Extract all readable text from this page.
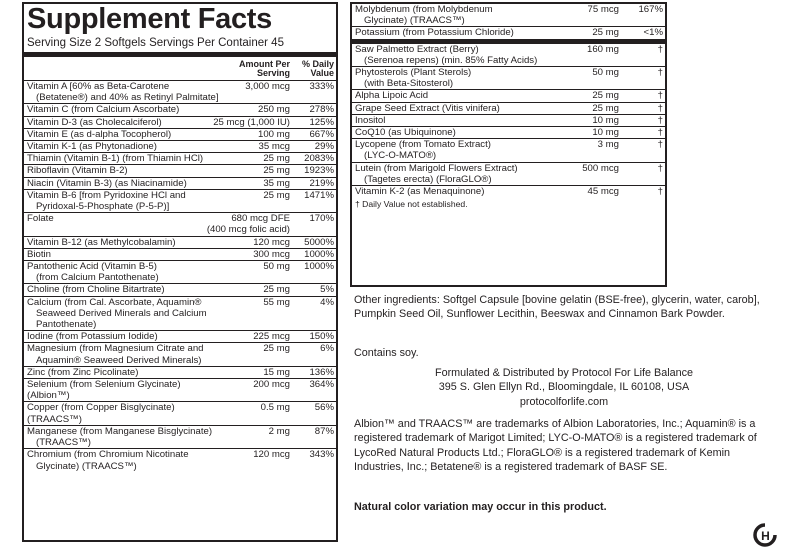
Supplement Facts
Serving Size 2 Softgels Servings Per Container 45
Amount Per Serving
% Daily Value
Vitamin A [60% as Beta-Carotene
(Betatene®) and 40% as Retinyl Palmitate]
3,000 mcg	333%
Vitamin C (from Calcium Ascorbate)	250 mg	278%
Vitamin D-3 (as Cholecalciferol)	25 mcg (1,000 IU)	125%
Vitamin E (as d-alpha Tocopherol)	100 mg	667%
Vitamin K-1 (as Phytonadione)	35 mcg	29%
Thiamin (Vitamin B-1) (from Thiamin HCl)	25 mg	2083%
Riboflavin (Vitamin B-2)	25 mg	1923%
Niacin (Vitamin B-3) (as Niacinamide)	35 mg	219%
Vitamin B-6 [from Pyridoxine HCl and
Pyridoxal-5-Phosphate (P-5-P)]
25 mg	1471%
Folate	680 mcg DFE
(400 mcg folic acid)
170%
Vitamin B-12 (as Methylcobalamin)	120 mcg	5000%
Biotin	300 mcg	1000%
Pantothenic Acid (Vitamin B-5)
(from Calcium Pantothenate)
50 mg	1000%
Choline (from Choline Bitartrate)	25 mg	5%
Calcium (from Cal. Ascorbate, Aquamin®
Seaweed Derived Minerals and Calcium Pantothenate)
55 mg	4%
Iodine (from Potassium Iodide)	225 mcg	150%
Magnesium (from Magnesium Citrate and
Aquamin® Seaweed Derived Minerals)
25 mg	6%
Zinc (from Zinc Picolinate)	15 mg	136%
Selenium (from Selenium Glycinate)(Albion™)
200 mcg	364%
Copper (from Copper Bisglycinate) (TRAACS™)
0.5 mg	56%
Manganese (from Manganese Bisglycinate)
(TRAACS™)
2 mg	87%
Chromium (from Chromium Nicotinate
Glycinate) (TRAACS™)
120 mcg	343%
Molybdenum (from Molybdenum
Glycinate) (TRAACS™)
75 mcg	167%
Potassium (from Potassium Chloride)	25 mg	<1%
Saw Palmetto Extract (Berry)
(Serenoa repens) (min. 85% Fatty Acids)
160 mg	†
Phytosterols (Plant Sterols)
(with Beta-Sitosterol)
50 mg	†
Alpha Lipoic Acid	25 mg	†
Grape Seed Extract (Vitis vinifera)	25 mg	†
Inositol	10 mg	†
CoQ10 (as Ubiquinone)	10 mg	†
Lycopene (from Tomato Extract)
(LYC-O-MATO®)
3 mg	†
Lutein (from Marigold Flowers Extract)
(Tagetes erecta) (FloraGLO®)
500 mcg	†
Vitamin K-2 (as Menaquinone)	45 mcg	†
† Daily Value not established.
Other ingredients: Softgel Capsule [bovine gelatin (BSE-free), glycerin, water, carob], Pumpkin Seed Oil, Sunflower Lecithin, Beeswax and Cinnamon Bark Powder.
Contains soy.
Formulated & Distributed by Protocol For Life Balance
395 S. Glen Ellyn Rd., Bloomingdale, IL 60108, USA
protocolforlife.com
Albion™ and TRAACS™ are trademarks of Albion Laboratories, Inc.; Aquamin® is a registered trademark of Marigot Limited; LYC-O-MATO® is a registered trademark of LycoRed Natural Products Ltd.; FloraGLO® is a registered trademark of Kemin Industries, Inc.; Betatene® is a registered trademark of BASF SE.
Natural color variation may occur in this product.
H
